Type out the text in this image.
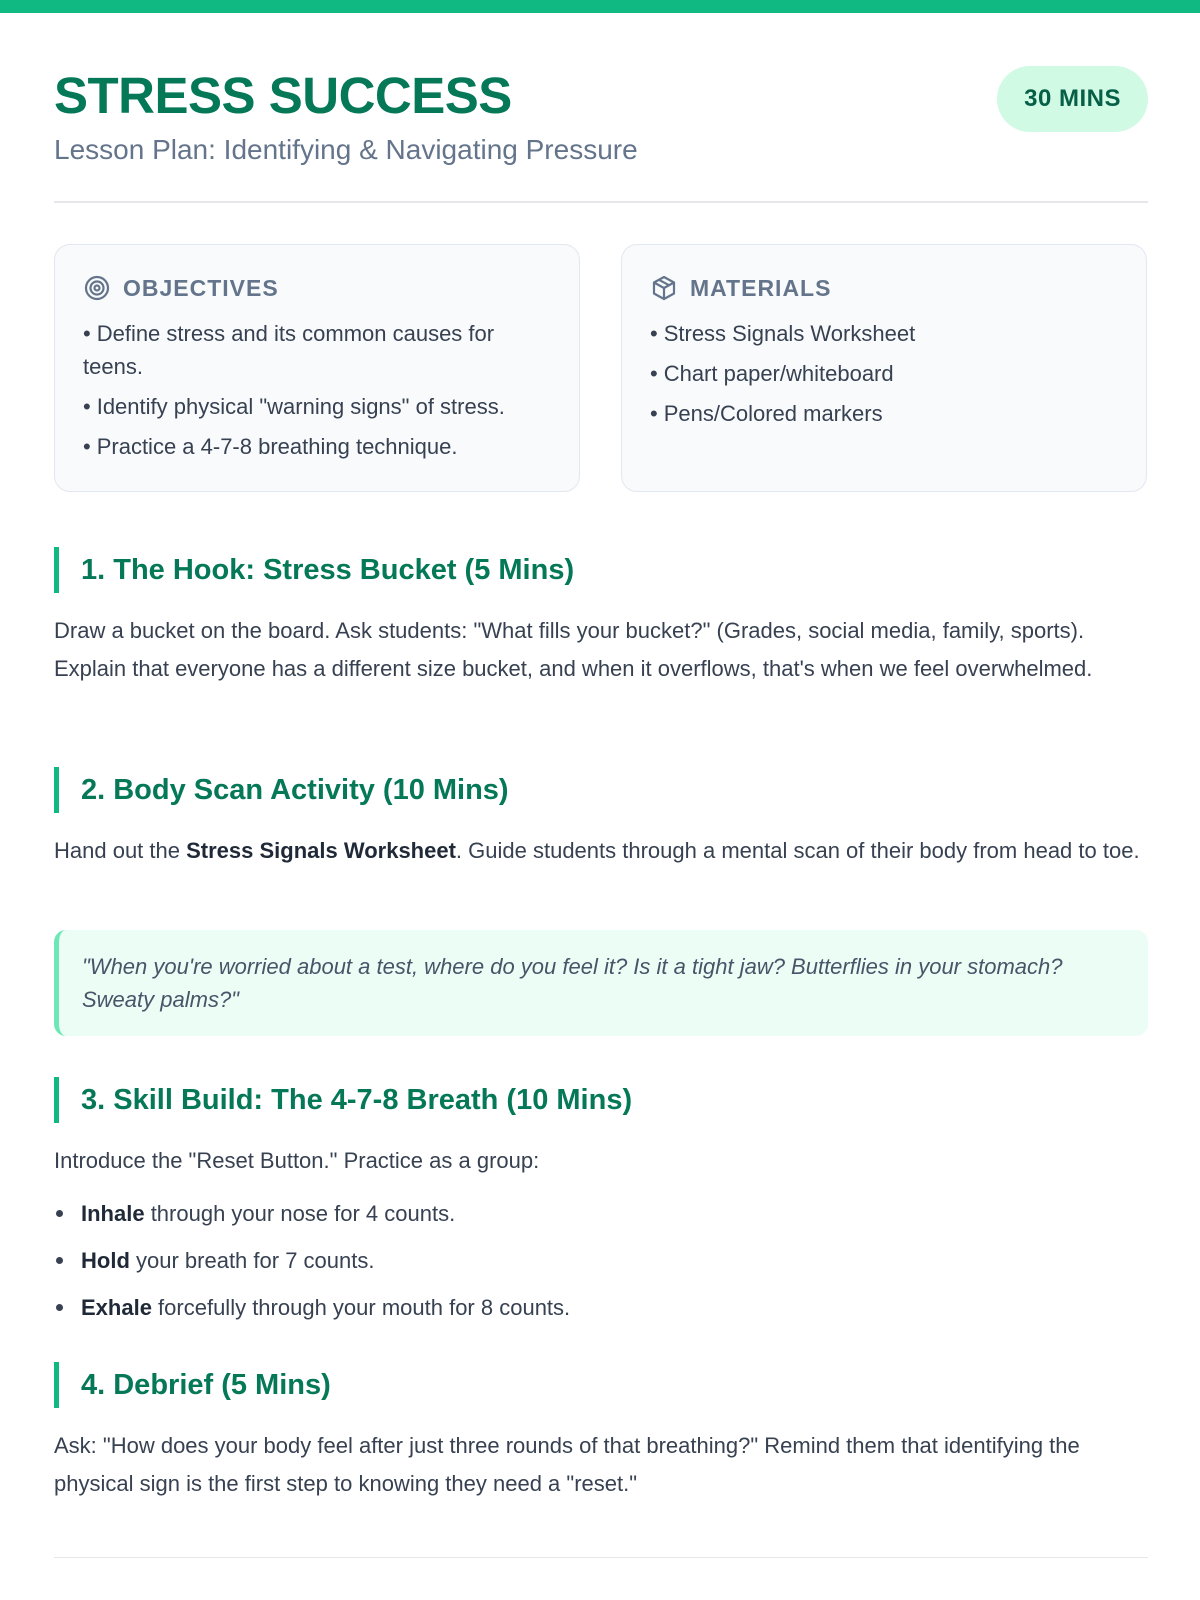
STRESS SUCCESS

Lesson Plan: Identifying & Navigating Pressure

30 MINS
OBJECTIVES
• Define stress and its common causes for teens.
• Identify physical "warning signs" of stress.
• Practice a 4-7-8 breathing technique.
MATERIALS
• Stress Signals Worksheet
• Chart paper/whiteboard
• Pens/Colored markers
1. The Hook: Stress Bucket (5 Mins)

Draw a bucket on the board. Ask students: "What fills your bucket?" (Grades, social media, family, sports). Explain that everyone has a different size bucket, and when it overflows, that's when we feel overwhelmed.

2. Body Scan Activity (10 Mins)

Hand out the Stress Signals Worksheet. Guide students through a mental scan of their body from head to toe.

"When you're worried about a test, where do you feel it? Is it a tight jaw? Butterflies in your stomach? Sweaty palms?"
3. Skill Build: The 4-7-8 Breath (10 Mins)

Introduce the "Reset Button." Practice as a group:

Inhale through your nose for 4 counts.
Hold your breath for 7 counts.
Exhale forcefully through your mouth for 8 counts.
4. Debrief (5 Mins)

Ask: "How does your body feel after just three rounds of that breathing?" Remind them that identifying the physical sign is the first step to knowing they need a "reset."
